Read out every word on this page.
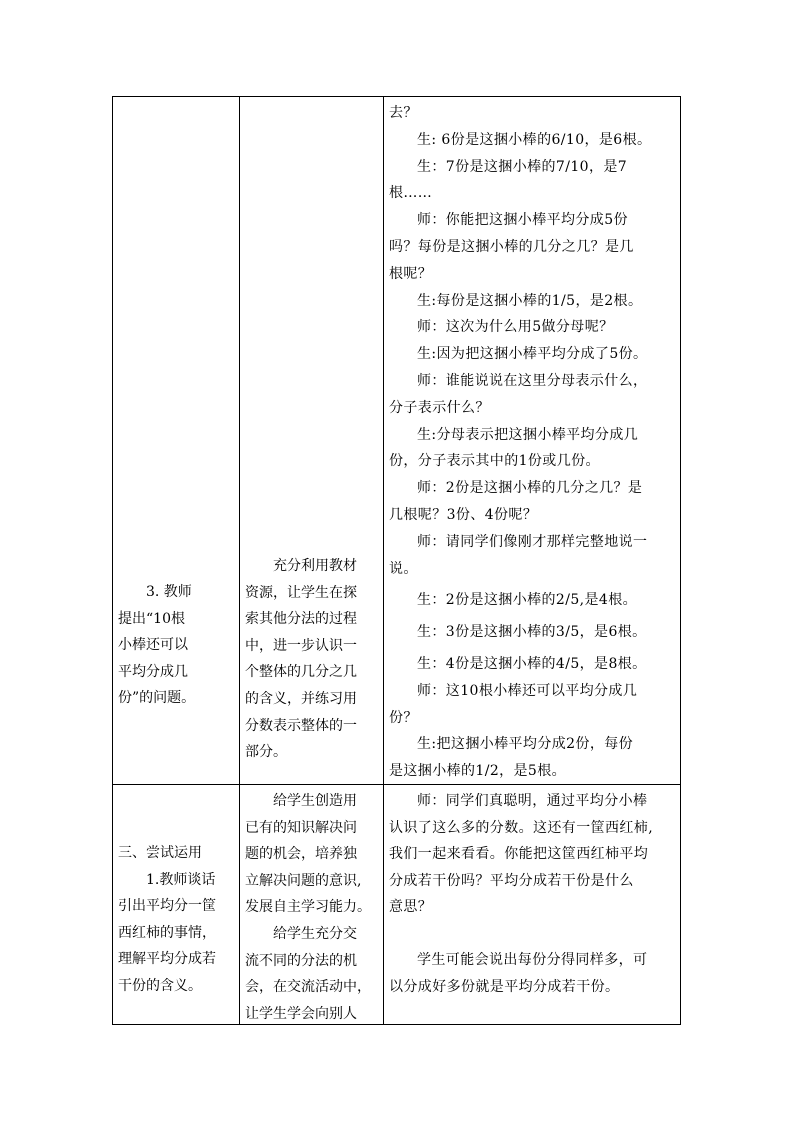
3. 教师

提出“10根

小棒还可以

平均分成几

份”的问题。

充分利用教材

资源，让学生在探

索其他分法的过程

中，进一步认识一

个整体的几分之几

的含义，并练习用

分数表示整体的一

部分。

去？

生: 6份是这捆小棒的6/10，是6根。

生：7份是这捆小棒的7/10，是7

根……

师：你能把这捆小棒平均分成5份

吗？每份是这捆小棒的几分之几？是几

根呢？

生:每份是这捆小棒的1/5，是2根。

师：这次为什么用5做分母呢？

生:因为把这捆小棒平均分成了5份。

师：谁能说说在这里分母表示什么，

分子表示什么？

生:分母表示把这捆小棒平均分成几

份，分子表示其中的1份或几份。

师：2份是这捆小棒的几分之几？是

几根呢？3份、4份呢？

师：请同学们像刚才那样完整地说一

说。

生：2份是这捆小棒的2/5,是4根。

生：3份是这捆小棒的3/5，是6根。

生：4份是这捆小棒的4/5，是8根。

师：这10根小棒还可以平均分成几

份？

生:把这捆小棒平均分成2份，每份

是这捆小棒的1/2，是5根。

三、尝试运用

1.教师谈话

引出平均分一筐

西红柿的事情，

理解平均分成若

干份的含义。

给学生创造用

已有的知识解决问

题的机会，培养独

立解决问题的意识,

发展自主学习能力。

给学生充分交

流不同的分法的机

会，在交流活动中，

让学生学会向别人

师：同学们真聪明，通过平均分小棒

认识了这么多的分数。这还有一筐西红柿,

我们一起来看看。你能把这筐西红柿平均

分成若干份吗？平均分成若干份是什么

意思？

学生可能会说出每份分得同样多，可

以分成好多份就是平均分成若干份。
